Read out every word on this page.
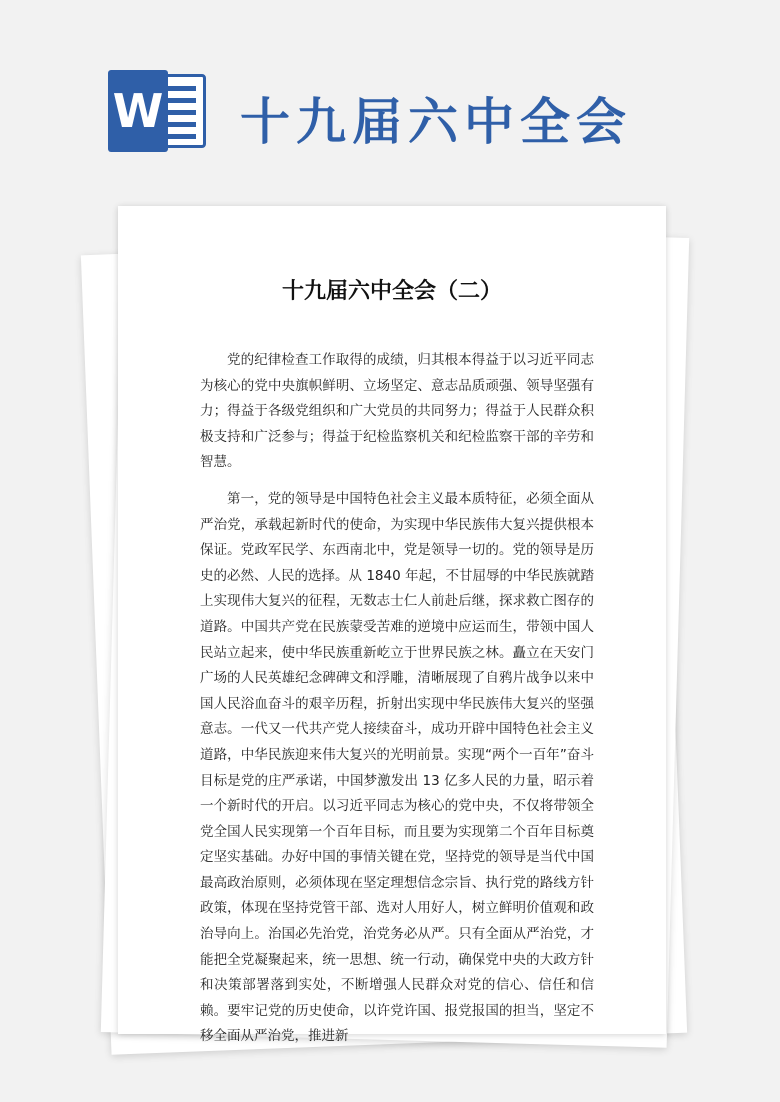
W 十九届六中全会
十九届六中全会（二）

党的纪律检查工作取得的成绩，归其根本得益于以习近平同志为核心的党中央旗帜鲜明、立场坚定、意志品质顽强、领导坚强有力；得益于各级党组织和广大党员的共同努力；得益于人民群众积极支持和广泛参与；得益于纪检监察机关和纪检监察干部的辛劳和智慧。

第一，党的领导是中国特色社会主义最本质特征，必须全面从严治党，承载起新时代的使命，为实现中华民族伟大复兴提供根本保证。党政军民学、东西南北中，党是领导一切的。党的领导是历史的必然、人民的选择。从 1840 年起，不甘屈辱的中华民族就踏上实现伟大复兴的征程，无数志士仁人前赴后继，探求救亡图存的道路。中国共产党在民族蒙受苦难的逆境中应运而生，带领中国人民站立起来，使中华民族重新屹立于世界民族之林。矗立在天安门广场的人民英雄纪念碑碑文和浮雕，清晰展现了自鸦片战争以来中国人民浴血奋斗的艰辛历程，折射出实现中华民族伟大复兴的坚强意志。一代又一代共产党人接续奋斗，成功开辟中国特色社会主义道路，中华民族迎来伟大复兴的光明前景。实现“两个一百年”奋斗目标是党的庄严承诺，中国梦激发出 13 亿多人民的力量，昭示着一个新时代的开启。以习近平同志为核心的党中央，不仅将带领全党全国人民实现第一个百年目标，而且要为实现第二个百年目标奠定坚实基础。办好中国的事情关键在党，坚持党的领导是当代中国最高政治原则，必须体现在坚定理想信念宗旨、执行党的路线方针政策，体现在坚持党管干部、选对人用好人，树立鲜明价值观和政治导向上。治国必先治党，治党务必从严。只有全面从严治党，才能把全党凝聚起来，统一思想、统一行动，确保党中央的大政方针和决策部署落到实处，不断增强人民群众对党的信心、信任和信赖。要牢记党的历史使命，以许党许国、报党报国的担当，坚定不移全面从严治党，推进新
